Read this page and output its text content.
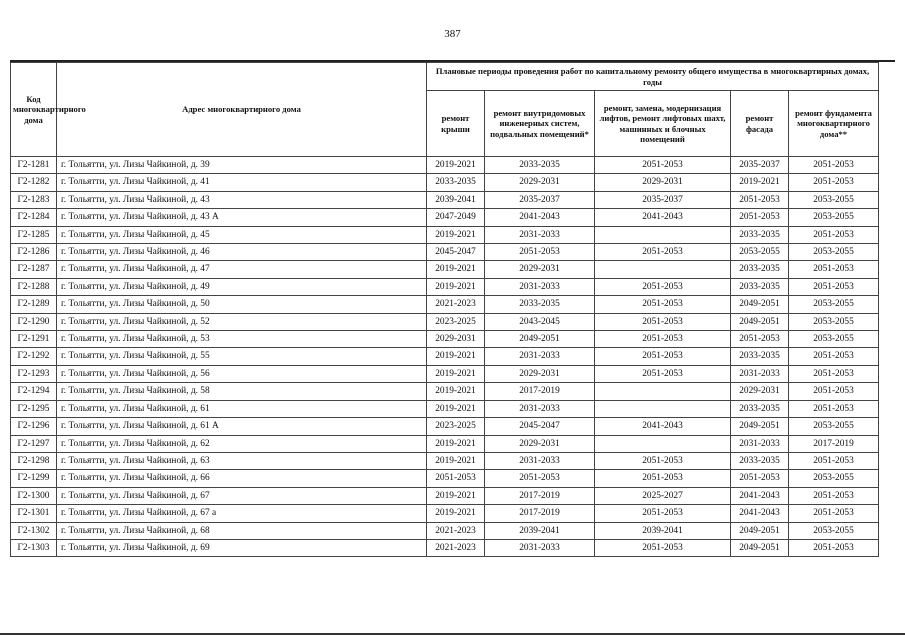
387
Код многоквартирного дома	Адрес многоквартирного дома	Плановые периоды проведения работ по капитальному ремонту общего имущества в многоквартирных домах, годы				
		ремонт крыши	ремонт внутридомовых инженерных систем, подвальных помещений*	ремонт, замена, модернизация лифтов, ремонт лифтовых шахт, машинных и блочных помещений	ремонт фасада	ремонт фундамента многоквартирного дома**
Г2-1281	г. Тольятти, ул. Лизы Чайкиной, д. 39	2019-2021	2033-2035	2051-2053	2035-2037	2051-2053
Г2-1282	г. Тольятти, ул. Лизы Чайкиной, д. 41	2033-2035	2029-2031	2029-2031	2019-2021	2051-2053
Г2-1283	г. Тольятти, ул. Лизы Чайкиной, д. 43	2039-2041	2035-2037	2035-2037	2051-2053	2053-2055
Г2-1284	г. Тольятти, ул. Лизы Чайкиной, д. 43 А	2047-2049	2041-2043	2041-2043	2051-2053	2053-2055
Г2-1285	г. Тольятти, ул. Лизы Чайкиной, д. 45	2019-2021	2031-2033		2033-2035	2051-2053
Г2-1286	г. Тольятти, ул. Лизы Чайкиной, д. 46	2045-2047	2051-2053	2051-2053	2053-2055	2053-2055
Г2-1287	г. Тольятти, ул. Лизы Чайкиной, д. 47	2019-2021	2029-2031		2033-2035	2051-2053
Г2-1288	г. Тольятти, ул. Лизы Чайкиной, д. 49	2019-2021	2031-2033	2051-2053	2033-2035	2051-2053
Г2-1289	г. Тольятти, ул. Лизы Чайкиной, д. 50	2021-2023	2033-2035	2051-2053	2049-2051	2053-2055
Г2-1290	г. Тольятти, ул. Лизы Чайкиной, д. 52	2023-2025	2043-2045	2051-2053	2049-2051	2053-2055
Г2-1291	г. Тольятти, ул. Лизы Чайкиной, д. 53	2029-2031	2049-2051	2051-2053	2051-2053	2053-2055
Г2-1292	г. Тольятти, ул. Лизы Чайкиной, д. 55	2019-2021	2031-2033	2051-2053	2033-2035	2051-2053
Г2-1293	г. Тольятти, ул. Лизы Чайкиной, д. 56	2019-2021	2029-2031	2051-2053	2031-2033	2051-2053
Г2-1294	г. Тольятти, ул. Лизы Чайкиной, д. 58	2019-2021	2017-2019		2029-2031	2051-2053
Г2-1295	г. Тольятти, ул. Лизы Чайкиной, д. 61	2019-2021	2031-2033		2033-2035	2051-2053
Г2-1296	г. Тольятти, ул. Лизы Чайкиной, д. 61 А	2023-2025	2045-2047	2041-2043	2049-2051	2053-2055
Г2-1297	г. Тольятти, ул. Лизы Чайкиной, д. 62	2019-2021	2029-2031		2031-2033	2017-2019
Г2-1298	г. Тольятти, ул. Лизы Чайкиной, д. 63	2019-2021	2031-2033	2051-2053	2033-2035	2051-2053
Г2-1299	г. Тольятти, ул. Лизы Чайкиной, д. 66	2051-2053	2051-2053	2051-2053	2051-2053	2053-2055
Г2-1300	г. Тольятти, ул. Лизы Чайкиной, д. 67	2019-2021	2017-2019	2025-2027	2041-2043	2051-2053
Г2-1301	г. Тольятти, ул. Лизы Чайкиной, д. 67 а	2019-2021	2017-2019	2051-2053	2041-2043	2051-2053
Г2-1302	г. Тольятти, ул. Лизы Чайкиной, д. 68	2021-2023	2039-2041	2039-2041	2049-2051	2053-2055
Г2-1303	г. Тольятти, ул. Лизы Чайкиной, д. 69	2021-2023	2031-2033	2051-2053	2049-2051	2051-2053
